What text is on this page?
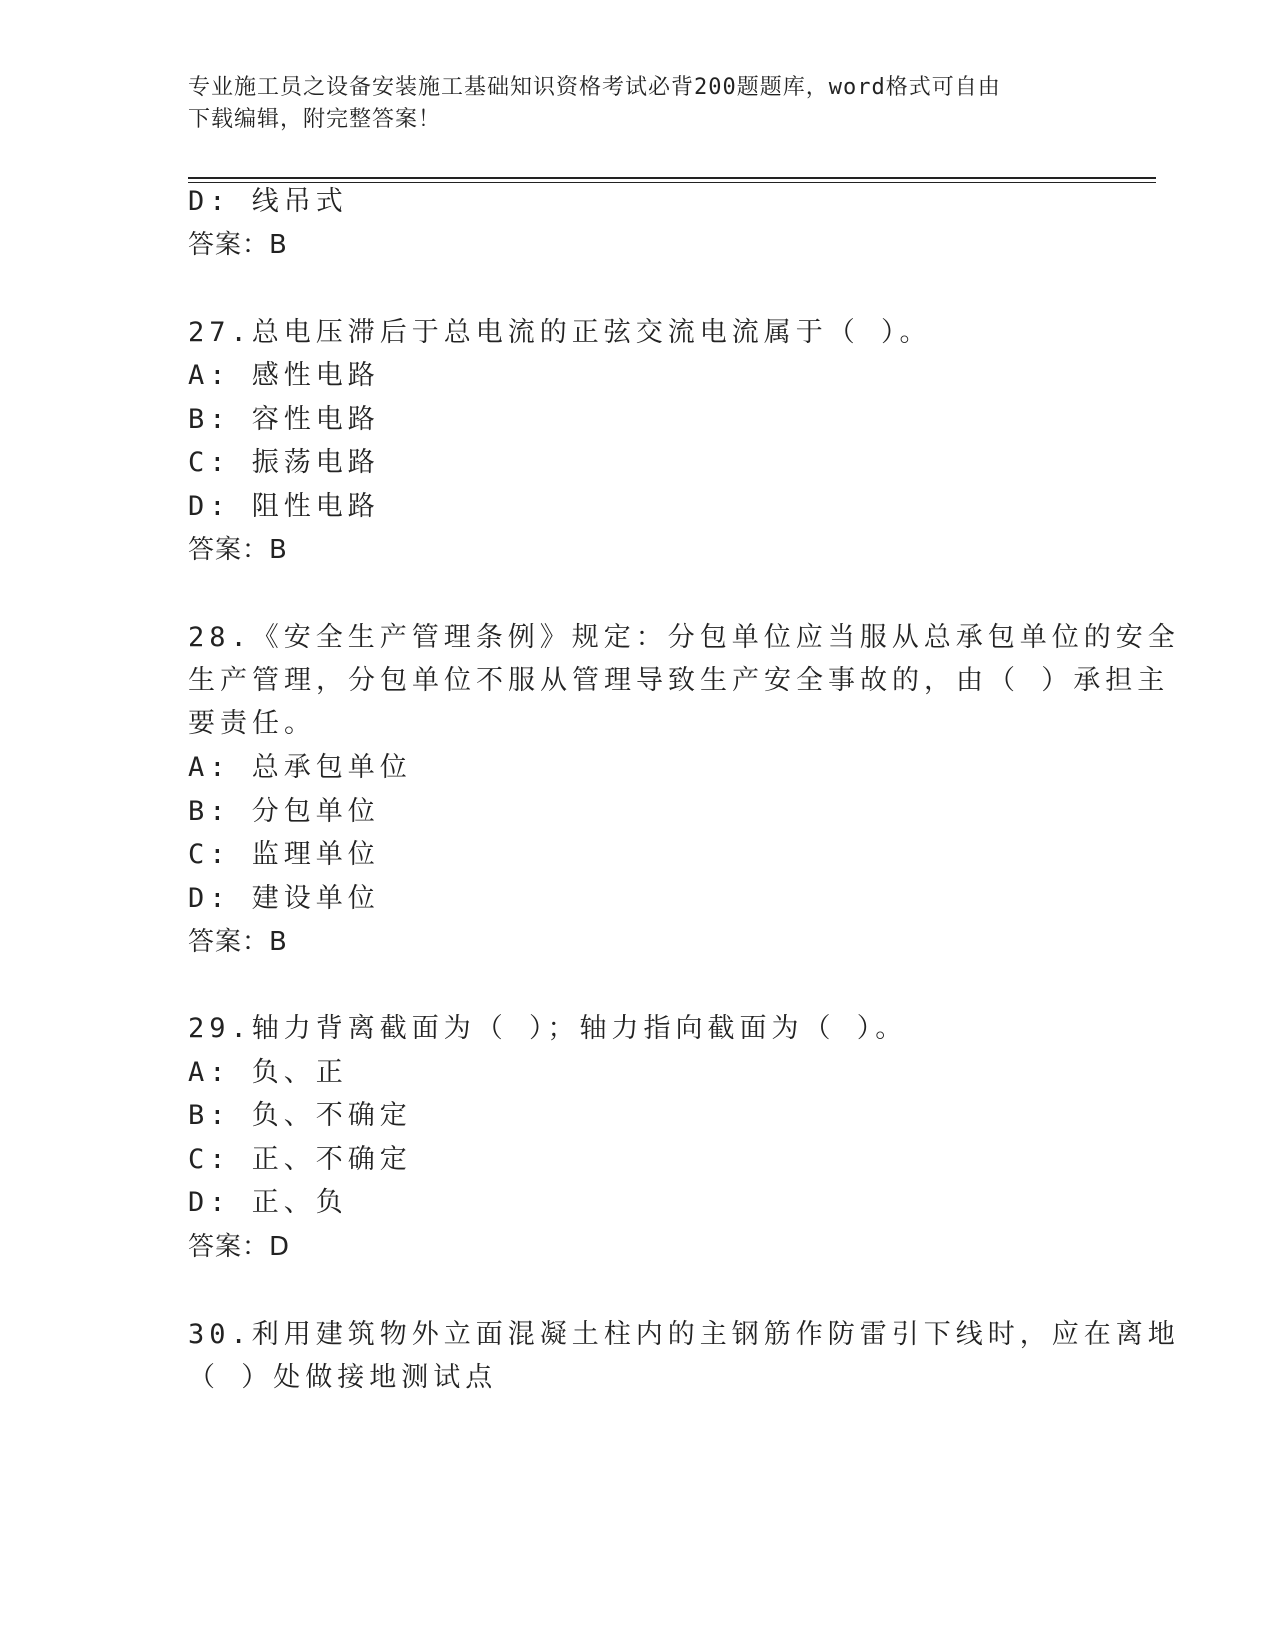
专业施工员之设备安装施工基础知识资格考试必背200题题库，word格式可自由
下载编辑，附完整答案！
D: 线吊式
答案：B
27.总电压滞后于总电流的正弦交流电流属于（ ）。
A: 感性电路
B: 容性电路
C: 振荡电路
D: 阻性电路
答案：B
28.《安全生产管理条例》规定：分包单位应当服从总承包单位的安全
生产管理，分包单位不服从管理导致生产安全事故的，由（ ）承担主
要责任。
A: 总承包单位
B: 分包单位
C: 监理单位
D: 建设单位
答案：B
29.轴力背离截面为（ ）；轴力指向截面为（ ）。
A: 负、正
B: 负、不确定
C: 正、不确定
D: 正、负
答案：D
30.利用建筑物外立面混凝土柱内的主钢筋作防雷引下线时，应在离地
（ ）处做接地测试点
